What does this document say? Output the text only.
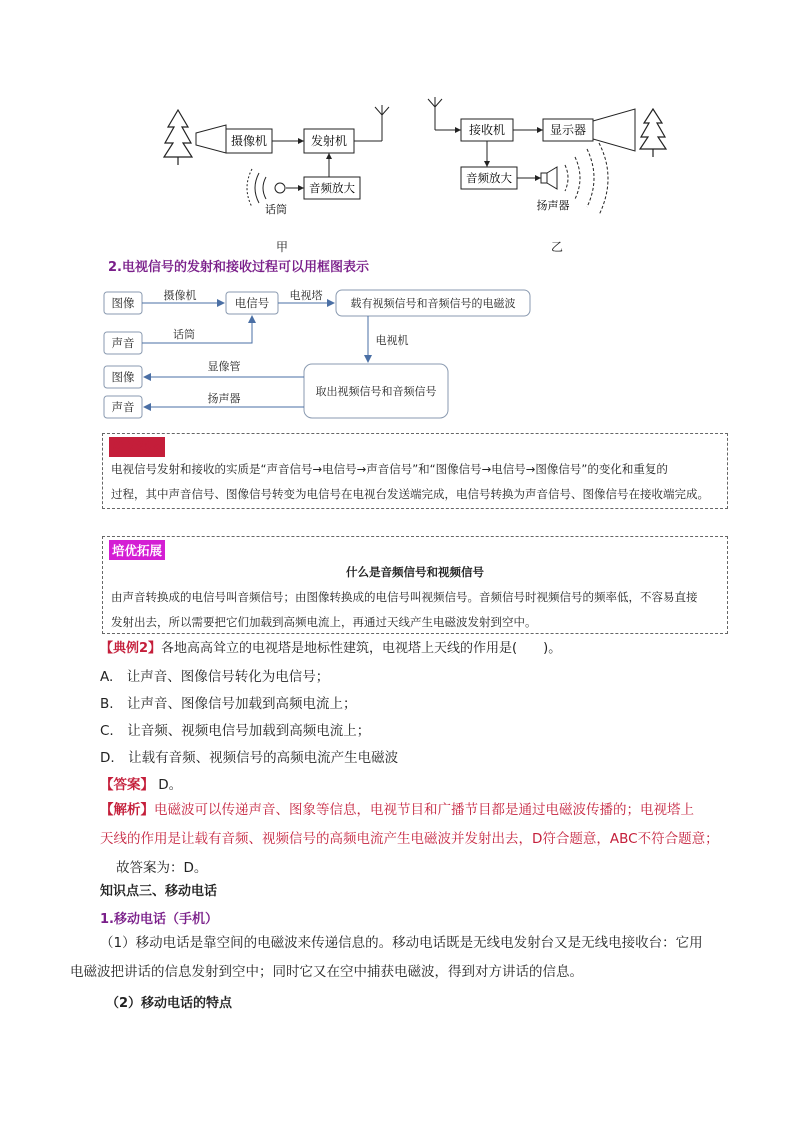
摄像机	发射机
音频放大
话筒
甲
接收机	显示器
音频放大
扬声器
乙
2.电视信号的发射和接收过程可以用框图表示
图像
声音
电信号	载有视频信号和音频信号的电磁波
取出视频信号和音频信号
图像
声音
摄像机
话筒
电视塔
电视机
显像管
扬声器
教材深挖

电视信号发射和接收的实质是“声音信号→电信号→声音信号”和“图像信号→电信号→图像信号”的变化和重复的

过程，其中声音信号、图像信号转变为电信号在电视台发送端完成，电信号转换为声音信号、图像信号在接收端完成。

培优拓展

什么是音频信号和视频信号

由声音转换成的电信号叫音频信号；由图像转换成的电信号叫视频信号。音频信号时视频信号的频率低，不容易直接

发射出去，所以需要把它们加载到高频电流上，再通过天线产生电磁波发射到空中。

【典例2】各地高高耸立的电视塔是地标性建筑，电视塔上天线的作用是(　　)。
A.　让声音、图像信号转化为电信号；
B.　让声音、图像信号加载到高频电流上；
C.　让音频、视频电信号加载到高频电流上；
D.　让载有音频、视频信号的高频电流产生电磁波
【答案】 D。
【解析】电磁波可以传递声音、图象等信息，电视节目和广播节目都是通过电磁波传播的；电视塔上
天线的作用是让载有音频、视频信号的高频电流产生电磁波并发射出去，D符合题意，ABC不符合题意；
故答案为：D。
知识点三、移动电话
1.移动电话（手机）
（1）移动电话是靠空间的电磁波来传递信息的。移动电话既是无线电发射台又是无线电接收台：它用
电磁波把讲话的信息发射到空中；同时它又在空中捕获电磁波，得到对方讲话的信息。
（2）移动电话的特点
